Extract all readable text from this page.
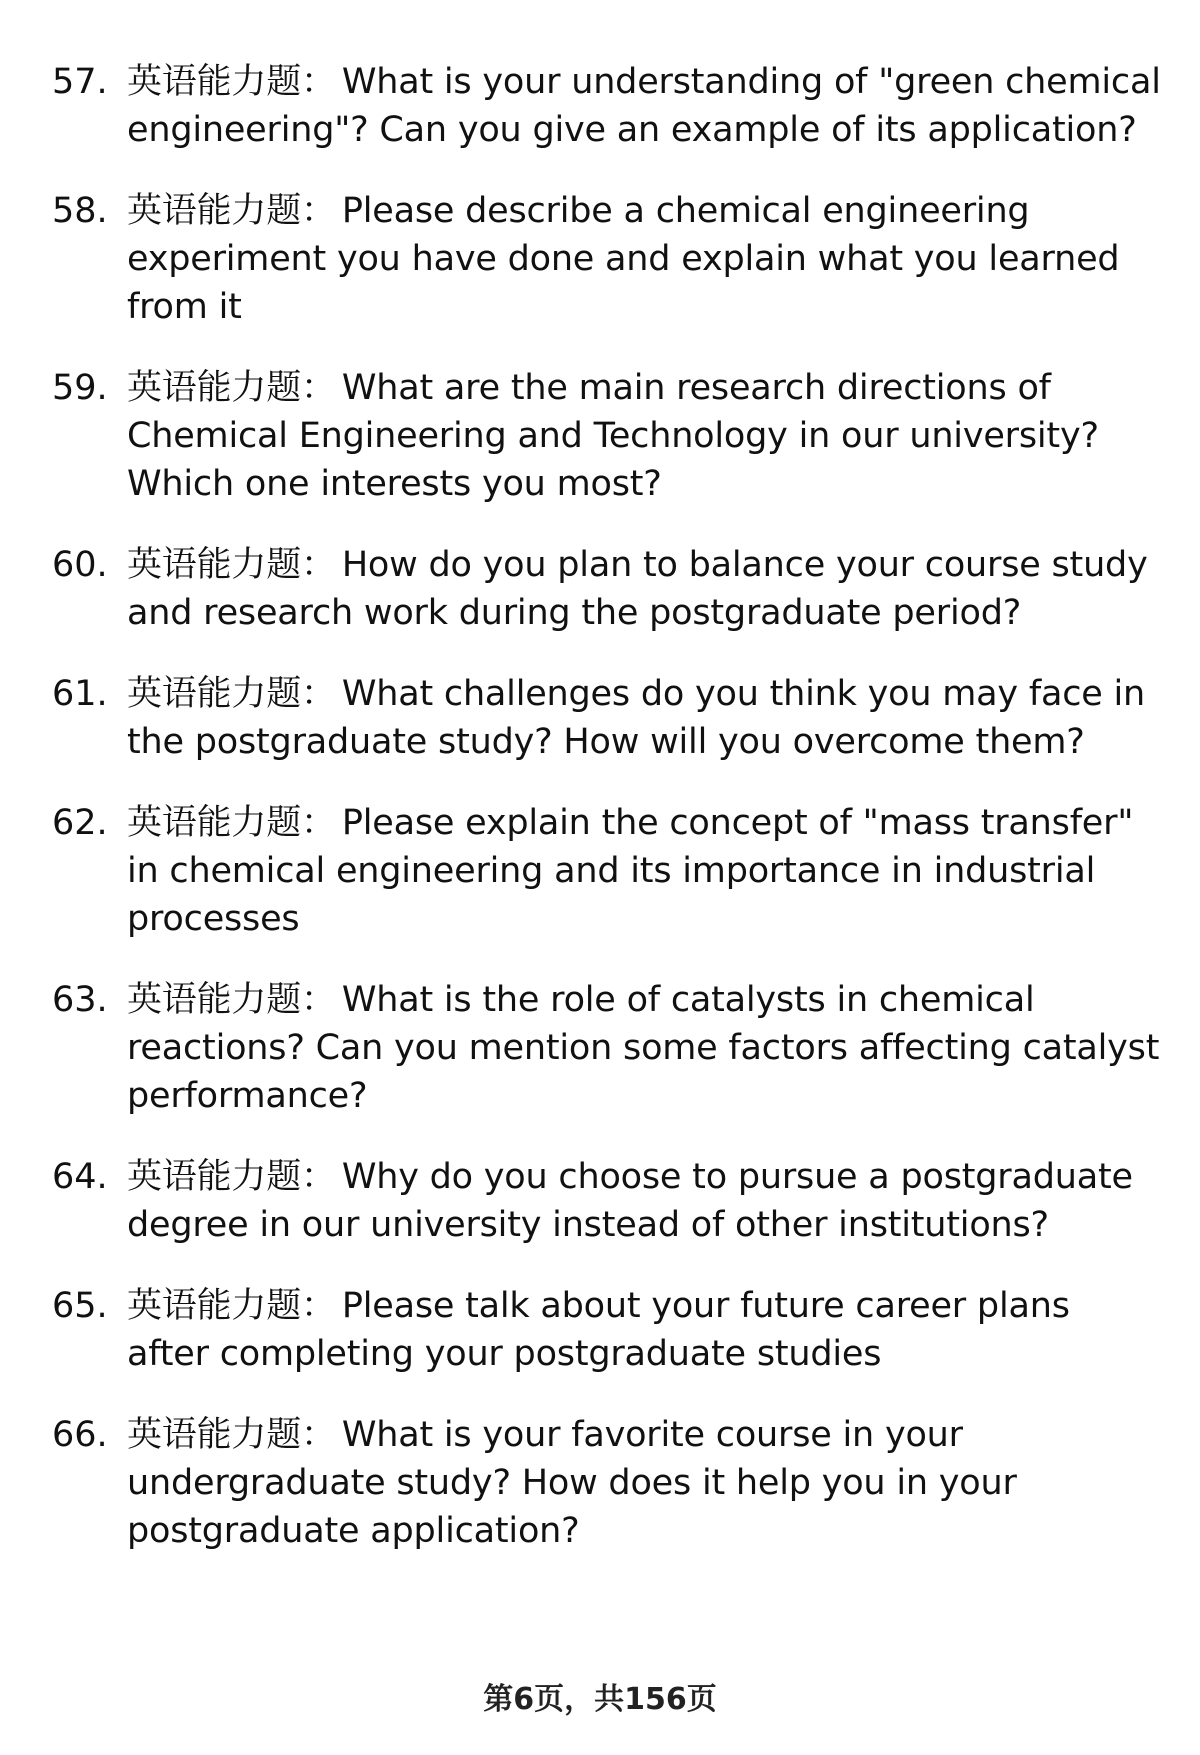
57. 英语能力题： What is your understanding of "green chemical engineering"? Can you give an example of its application?
58. 英语能力题： Please describe a chemical engineering experiment you have done and explain what you learned from it
59. 英语能力题： What are the main research directions of Chemical Engineering and Technology in our university? Which one interests you most?
60. 英语能力题： How do you plan to balance your course study and research work during the postgraduate period?
61. 英语能力题： What challenges do you think you may face in the postgraduate study? How will you overcome them?
62. 英语能力题： Please explain the concept of "mass transfer" in chemical engineering and its importance in industrial processes
63. 英语能力题： What is the role of catalysts in chemical reactions? Can you mention some factors affecting catalyst performance?
64. 英语能力题： Why do you choose to pursue a postgraduate degree in our university instead of other institutions?
65. 英语能力题： Please talk about your future career plans after completing your postgraduate studies
66. 英语能力题： What is your favorite course in your undergraduate study? How does it help you in your postgraduate application?
第6页，共156页
